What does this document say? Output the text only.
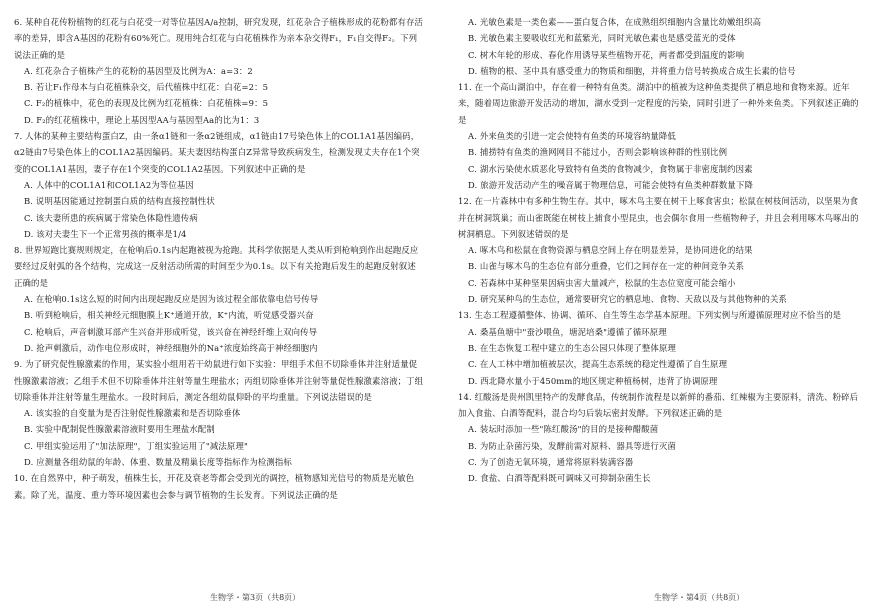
6. 某种自花传粉植物的红花与白花受一对等位基因A/a控制，研究发现，红花杂合子植株形成的花粉都有存活率的差异，即含A基因的花粉有60%死亡。现用纯合红花与白花植株作为亲本杂交得F₁，F₁自交得F₂。下列说法正确的是
A. 红花杂合子植株产生的花粉的基因型及比例为A：a=3：2
B. 若让F₁作母本与白花植株杂交，后代植株中红花：白花=2：5
C. F₂的植株中，花色的表现及比例为红花植株：白花植株=9：5
D. F₂的红花植株中，理论上基因型AA与基因型Aa的比为1：3
7. 人体的某种主要结构蛋白Z，由一条α1链和一条α2链组成，α1链由17号染色体上的COL1A1基因编码，α2链由7号染色体上的COL1A2基因编码。某夫妻因结构蛋白Z异常导致疾病发生，检测发现丈夫存在1个突变的COL1A1基因，妻子存在1个突变的COL1A2基因。下列叙述中正确的是
A. 人体中的COL1A1和COL1A2为等位基因
B. 说明基因能通过控制蛋白质的结构直接控制性状
C. 该夫妻所患的疾病属于常染色体隐性遗传病
D. 该对夫妻生下一个正常男孩的概率是1/4
8. 世界短跑比赛规则规定，在枪响后0.1s内起跑被视为抢跑。其科学依据是人类从听到枪响到作出起跑反应要经过反射弧的各个结构，完成这一反射活动所需的时间至少为0.1s。以下有关抢跑后发生的起跑反射叙述正确的是
A. 在枪响0.1s这么短的时间内出现起跑反应是因为该过程全部依靠电信号传导
B. 听到枪响后，相关神经元细胞膜上K⁺通道开放，K⁺内流，听觉感受器兴奋
C. 枪响后，声音刺激耳部产生兴奋并形成听觉，该兴奋在神经纤维上双向传导
D. 抢声刺激后，动作电位形成时，神经细胞外的Na⁺浓度始终高于神经细胞内
9. 为了研究促性腺激素的作用，某实验小组用若干幼鼠进行如下实验：甲组手术但不切除垂体并注射适量促性腺激素溶液；乙组手术但不切除垂体并注射等量生理盐水；丙组切除垂体并注射等量促性腺激素溶液；丁组切除垂体并注射等量生理盐水。一段时间后，测定各组幼鼠仰卧的平均重量。下列说法错误的是
A. 该实验的自变量为是否注射促性腺激素和是否切除垂体
B. 实验中配制促性腺激素溶液时要用生理盐水配制
C. 甲组实验运用了"加法原理"，丁组实验运用了"减法原理"
D. 应测量各组幼鼠的年龄、体重、数量及精巢长度等指标作为检测指标
10. 在自然界中，种子萌发，植株生长，开花及衰老等都会受到光的调控，植物感知光信号的物质是光敏色素。除了光，温度、重力等环境因素也会参与调节植物的生长发育。下列说法正确的是
A. 光敏色素是一类色素——蛋白复合体，在成熟组织细胞内含量比幼嫩组织高
B. 光敏色素主要吸收红光和蓝紫光，同时光敏色素也是感受蓝光的受体
C. 树木年轮的形成、春化作用诱导某些植物开花，两者都受到温度的影响
D. 植物的根、茎中具有感受重力的物质和细胞，并将重力信号转换成合成生长素的信号
11. 在一个高山湖泊中，存在着一种特有鱼类。湖泊中的植被为这种鱼类提供了栖息地和食物来源。近年来，随着周边旅游开发活动的增加，湖水受到一定程度的污染，同时引进了一种外来鱼类。下列叙述正确的是
A. 外来鱼类的引进一定会使特有鱼类的环境容纳量降低
B. 捕捞特有鱼类的渔网网目不能过小，否则会影响该种群的性别比例
C. 湖水污染使水质恶化导致特有鱼类的食物减少，食物属于非密度制约因素
D. 旅游开发活动产生的噪音属于物理信息，可能会使特有鱼类种群数量下降
12. 在一片森林中有多种生物生存。其中，啄木鸟主要在树干上啄食害虫；松鼠在树枝间活动，以坚果为食并在树洞筑巢；而山雀既能在树枝上捕食小型昆虫，也会偶尔食用一些植物种子，并且会利用啄木鸟啄出的树洞栖息。下列叙述错误的是
A. 啄木鸟和松鼠在食物资源与栖息空间上存在明显差异，是协同进化的结果
B. 山雀与啄木鸟的生态位有部分重叠，它们之间存在一定的种间竞争关系
C. 若森林中某种坚果因病虫害大量减产，松鼠的生态位宽度可能会缩小
D. 研究某种鸟的生态位，通常要研究它的栖息地、食物、天敌以及与其他物种的关系
13. 生态工程遵循整体、协调、循环、自生等生态学基本原理。下列实例与所遵循原理对应不恰当的是
A. 桑基鱼塘中"蚕沙喂鱼，塘泥培桑"遵循了循环原理
B. 在生态恢复工程中建立的生态公园只体现了整体原理
C. 在人工林中增加植被层次，提高生态系统的稳定性遵循了自生原理
D. 西北降水量小于450mm的地区规定种植杨树，违背了协调原理
14. 红酸汤是贵州凯里特产的发酵食品，传统制作流程是以新鲜的番茄、红辣椒为主要原料，清洗、粉碎后加入食盐、白酒等配料，混合均匀后装坛密封发酵。下列叙述正确的是
A. 装坛时添加一些"陈红酸汤"的目的是接种醋酸菌
B. 为防止杂菌污染，发酵前需对原料、器具等进行灭菌
C. 为了创造无氧环境，通常将原料装满容器
D. 食盐、白酒等配料既可调味又可抑制杂菌生长
生物学・第3页（共8页）	生物学・第4页（共8页）
